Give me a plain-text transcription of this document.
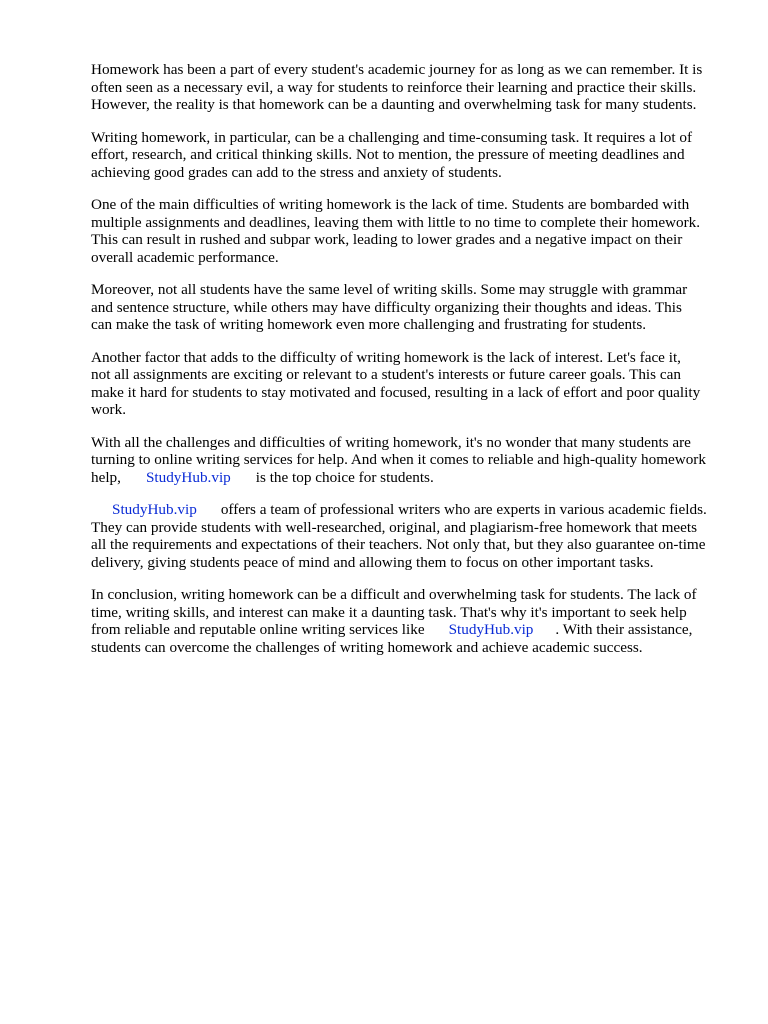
Homework has been a part of every student's academic journey for as long as we can remember. It is
often seen as a necessary evil, a way for students to reinforce their learning and practice their skills.
However, the reality is that homework can be a daunting and overwhelming task for many students.

Writing homework, in particular, can be a challenging and time-consuming task. It requires a lot of
effort, research, and critical thinking skills. Not to mention, the pressure of meeting deadlines and
achieving good grades can add to the stress and anxiety of students.

One of the main difficulties of writing homework is the lack of time. Students are bombarded with
multiple assignments and deadlines, leaving them with little to no time to complete their homework.
This can result in rushed and subpar work, leading to lower grades and a negative impact on their
overall academic performance.

Moreover, not all students have the same level of writing skills. Some may struggle with grammar
and sentence structure, while others may have difficulty organizing their thoughts and ideas. This
can make the task of writing homework even more challenging and frustrating for students.

Another factor that adds to the difficulty of writing homework is the lack of interest. Let's face it,
not all assignments are exciting or relevant to a student's interests or future career goals. This can
make it hard for students to stay motivated and focused, resulting in a lack of effort and poor quality
work.

With all the challenges and difficulties of writing homework, it's no wonder that many students are
turning to online writing services for help. And when it comes to reliable and high-quality homework
help, StudyHub.vip is the top choice for students.

StudyHub.vip offers a team of professional writers who are experts in various academic fields.
They can provide students with well-researched, original, and plagiarism-free homework that meets
all the requirements and expectations of their teachers. Not only that, but they also guarantee on-time
delivery, giving students peace of mind and allowing them to focus on other important tasks.

In conclusion, writing homework can be a difficult and overwhelming task for students. The lack of
time, writing skills, and interest can make it a daunting task. That's why it's important to seek help
from reliable and reputable online writing services like StudyHub.vip . With their assistance,
students can overcome the challenges of writing homework and achieve academic success.
